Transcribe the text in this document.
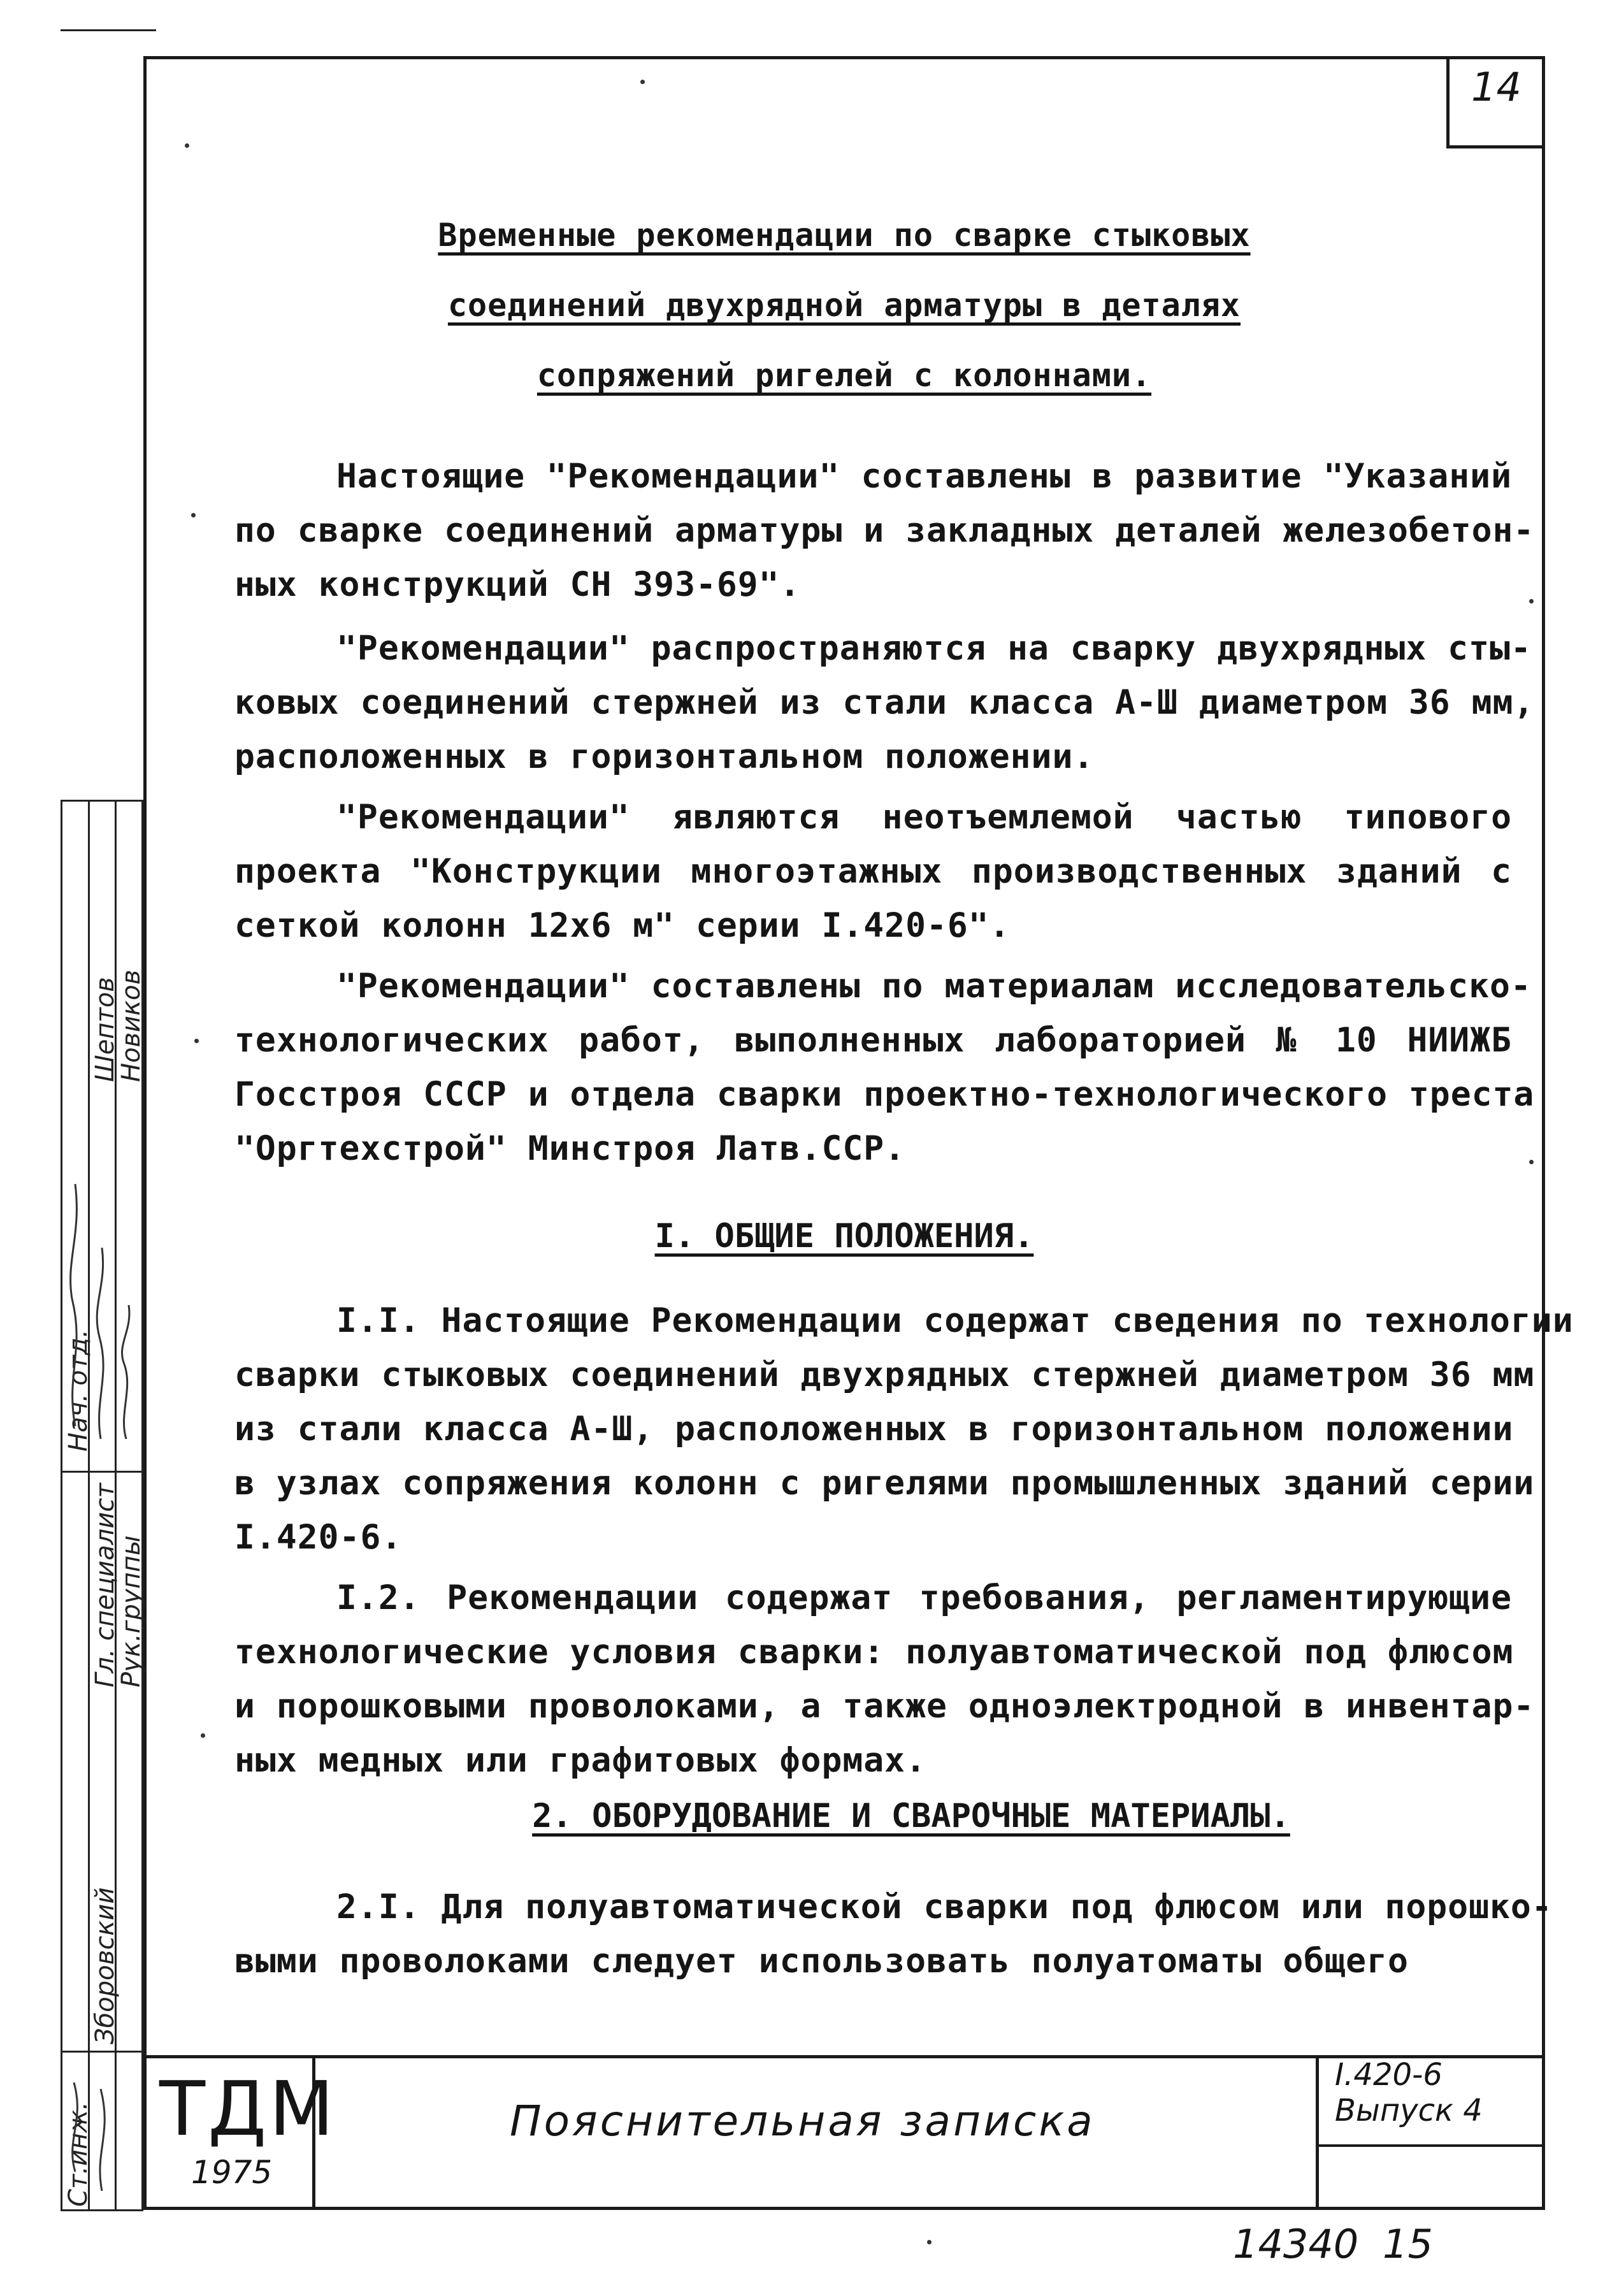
14
Временные рекомендации по сварке стыковых
соединений двухрядной арматуры в деталях
сопряжений ригелей с колоннами.
Настоящие "Рекомендации" составлены в развитие "Указаний
по сварке соединений арматуры и закладных деталей железобетон-
ных конструкций СН 393-69".
"Рекомендации" распространяются на сварку двухрядных сты-
ковых соединений стержней из стали класса А-Ш диаметром 36 мм,
расположенных в горизонтальном положении.
"Рекомендации" являются неотъемлемой частью типового
проекта "Конструкции многоэтажных производственных зданий с
сеткой колонн 12х6 м" серии I.420-6".
"Рекомендации" составлены по материалам исследовательско-
технологических работ, выполненных лабораторией № 10 НИИЖБ
Госстроя СССР и отдела сварки проектно-технологического треста
"Оргтехстрой" Минстроя Латв.ССР.
I. ОБЩИЕ ПОЛОЖЕНИЯ.
I.I. Настоящие Рекомендации содержат сведения по технологии
сварки стыковых соединений двухрядных стержней диаметром 36 мм
из стали класса А-Ш, расположенных в горизонтальном положении
в узлах сопряжения колонн с ригелями промышленных зданий серии
I.420-6.
I.2. Рекомендации содержат требования, регламентирующие
технологические условия сварки: полуавтоматической под флюсом
и порошковыми проволоками, а также одноэлектродной в инвентар-
ных медных или графитовых формах.
2. ОБОРУДОВАНИЕ И СВАРОЧНЫЕ МАТЕРИАЛЫ.
2.I. Для полуавтоматической сварки под флюсом или порошко-
выми проволоками следует использовать полуатоматы общего
Нач. отд.
Ст.инж.
Гл. специалист
Рук.группы
Зборовский
Шептов
Новиков
ТДМ
1975
Пояснительная записка
I.420-6
Выпуск 4
14340 15
